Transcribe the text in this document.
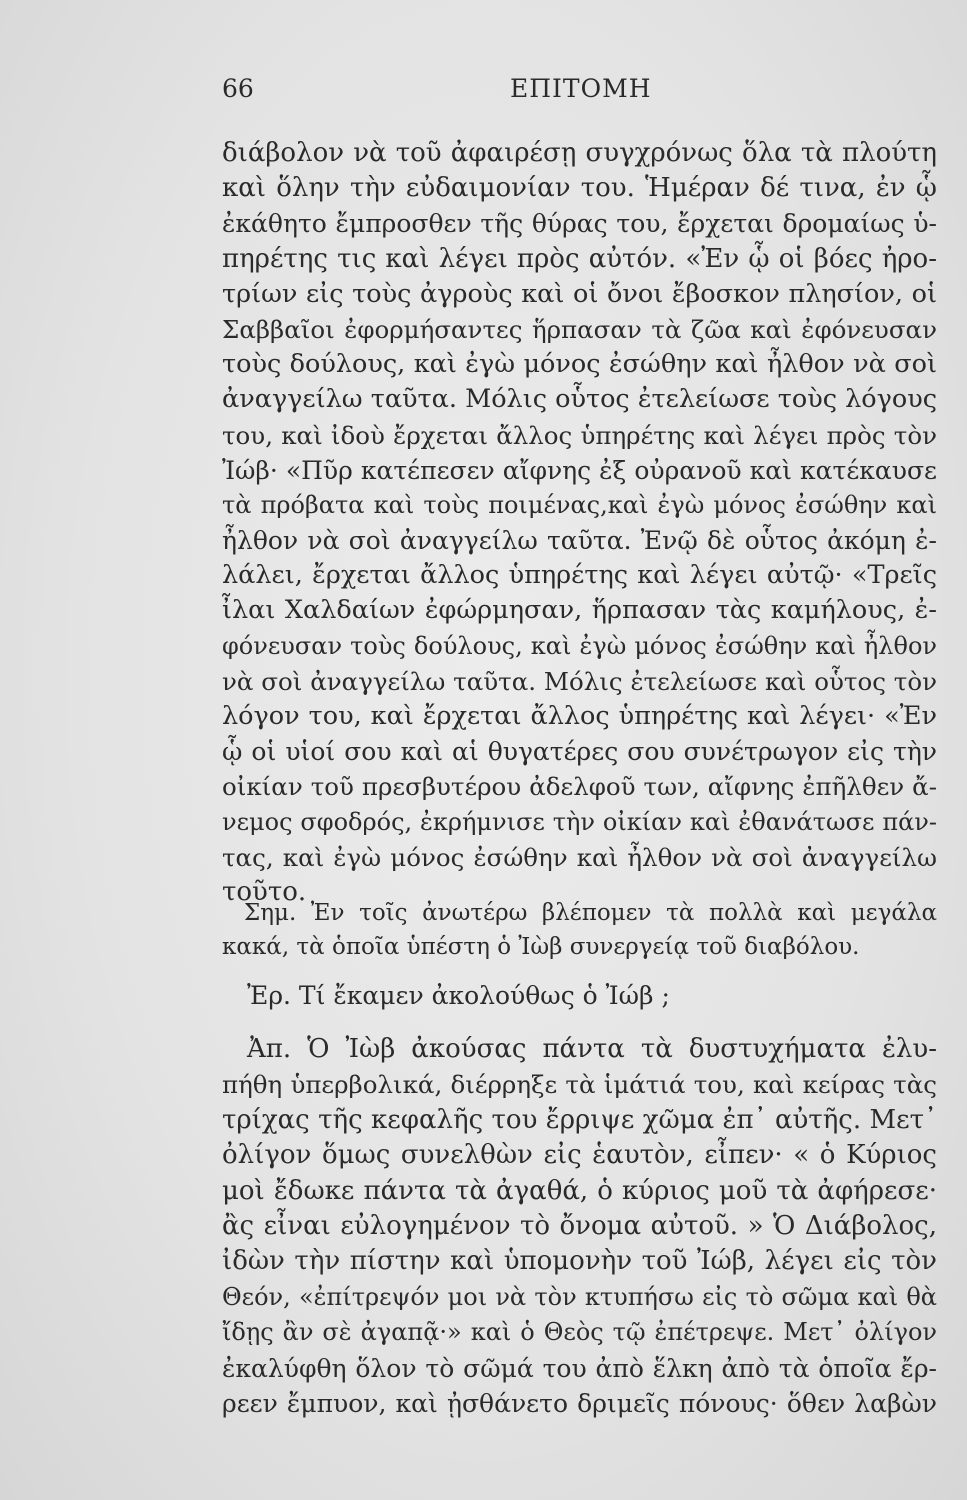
66	ΕΠΙΤΟΜΗ
διάβολον νὰ τοῦ ἀφαιρέσῃ συγχρόνως ὅλα τὰ πλούτη
καὶ ὅλην τὴν εὐδαιμονίαν του. Ἡμέραν δέ τινα, ἐν ᾧ
ἐκάθητο ἔμπροσθεν τῆς θύρας του, ἔρχεται δρομαίως ὑ-
πηρέτης τις καὶ λέγει πρὸς αὐτόν. «Ἐν ᾧ οἱ βόες ἠρο-
τρίων εἰς τοὺς ἀγροὺς καὶ οἱ ὄνοι ἔβοσκον πλησίον, οἱ
Σαββαῖοι ἐφορμήσαντες ἥρπασαν τὰ ζῶα καὶ ἐφόνευσαν
τοὺς δούλους, καὶ ἐγὼ μόνος ἐσώθην καὶ ἦλθον νὰ σοὶ
ἀναγγείλω ταῦτα. Μόλις οὗτος ἐτελείωσε τοὺς λόγους
του, καὶ ἰδοὺ ἔρχεται ἄλλος ὑπηρέτης καὶ λέγει πρὸς τὸν
Ἰώβ· «Πῦρ κατέπεσεν αἴφνης ἐξ οὐρανοῦ καὶ κατέκαυσε
τὰ πρόβατα καὶ τοὺς ποιμένας,καὶ ἐγὼ μόνος ἐσώθην καὶ
ἦλθον νὰ σοὶ ἀναγγείλω ταῦτα. Ἐνῷ δὲ οὗτος ἀκόμη ἐ-
λάλει, ἔρχεται ἄλλος ὑπηρέτης καὶ λέγει αὐτῷ· «Τρεῖς
ἶλαι Χαλδαίων ἐφώρμησαν, ἥρπασαν τὰς καμήλους, ἐ-
φόνευσαν τοὺς δούλους, καὶ ἐγὼ μόνος ἐσώθην καὶ ἦλθον
νὰ σοὶ ἀναγγείλω ταῦτα. Μόλις ἐτελείωσε καὶ οὗτος τὸν
λόγον του, καὶ ἔρχεται ἄλλος ὑπηρέτης καὶ λέγει· «Ἐν
ᾧ οἱ υἱοί σου καὶ αἱ θυγατέρες σου συνέτρωγον εἰς τὴν
οἰκίαν τοῦ πρεσβυτέρου ἀδελφοῦ των, αἴφνης ἐπῆλθεν ἄ-
νεμος σφοδρός, ἐκρήμνισε τὴν οἰκίαν καὶ ἐθανάτωσε πάν-
τας, καὶ ἐγὼ μόνος ἐσώθην καὶ ἦλθον νὰ σοὶ ἀναγγείλω
τοῦτο.
Σημ. Ἐν τοῖς ἀνωτέρω βλέπομεν τὰ πολλὰ καὶ μεγάλα
κακά, τὰ ὁποῖα ὑπέστη ὁ Ἰὼβ συνεργείᾳ τοῦ διαβόλου.
Ἐρ. Τί ἔκαμεν ἀκολούθως ὁ Ἰώβ ;
Ἀπ. Ὁ Ἰὼβ ἀκούσας πάντα τὰ δυστυχήματα ἐλυ-
πήθη ὑπερβολικά, διέρρηξε τὰ ἱμάτιά του, καὶ κείρας τὰς
τρίχας τῆς κεφαλῆς του ἔρριψε χῶμα ἐπ᾽ αὐτῆς. Μετ᾽
ὀλίγον ὅμως συνελθὼν εἰς ἑαυτὸν, εἶπεν· « ὁ Κύριος
μοὶ ἔδωκε πάντα τὰ ἀγαθά, ὁ κύριος μοῦ τὰ ἀφήρεσε·
ἂς εἶναι εὐλογημένον τὸ ὄνομα αὐτοῦ. » Ὁ Διάβολος,
ἰδὼν τὴν πίστην καὶ ὑπομονὴν τοῦ Ἰώβ, λέγει εἰς τὸν
Θεόν, «ἐπίτρεψόν μοι νὰ τὸν κτυπήσω εἰς τὸ σῶμα καὶ θὰ
ἴδῃς ἂν σὲ ἀγαπᾷ·» καὶ ὁ Θεὸς τῷ ἐπέτρεψε. Μετ᾽ ὀλίγον
ἐκαλύφθη ὅλον τὸ σῶμά του ἀπὸ ἕλκη ἀπὸ τὰ ὁποῖα ἔρ-
ρεεν ἔμπυον, καὶ ᾐσθάνετο δριμεῖς πόνους· ὅθεν λαβὼν
